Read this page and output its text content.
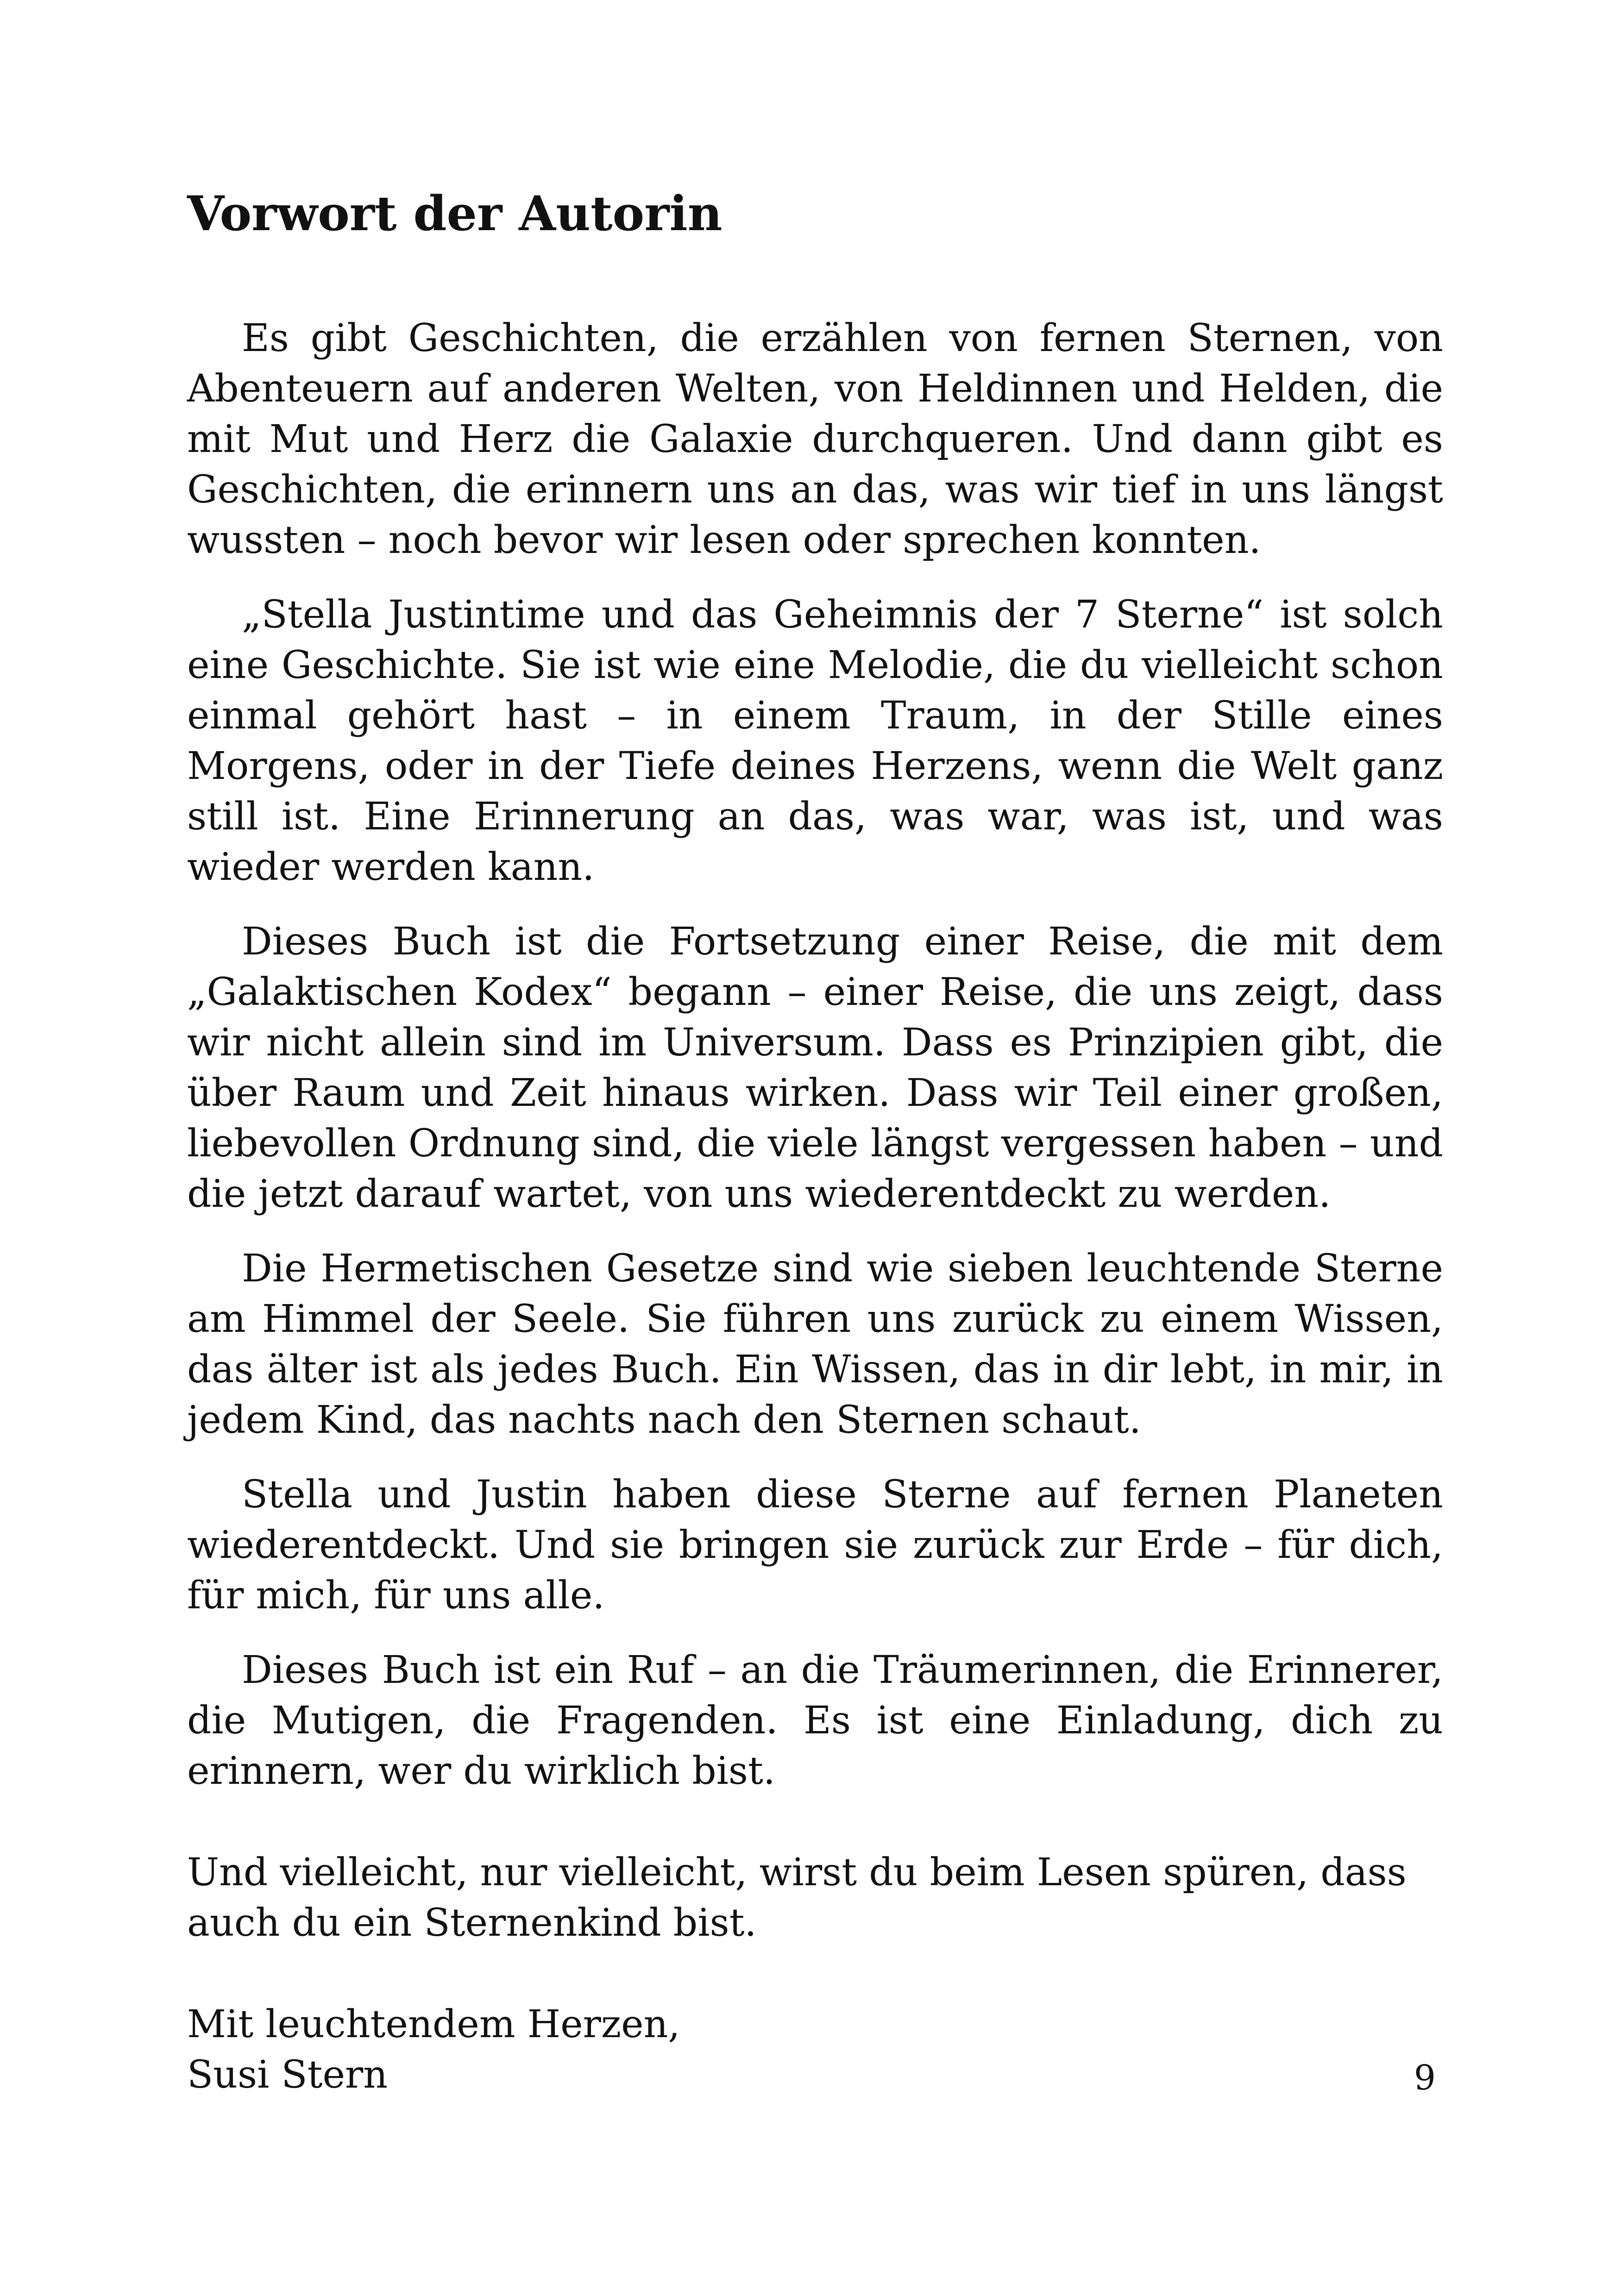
Vorwort der Autorin

Es gibt Geschichten, die erzählen von fernen Sternen, von Abenteuern auf anderen Welten, von Heldinnen und Helden, die mit Mut und Herz die Galaxie durchqueren. Und dann gibt es Geschichten, die erinnern uns an das, was wir tief in uns längst wussten – noch bevor wir lesen oder sprechen konnten.

„Stella Justintime und das Geheimnis der 7 Sterne“ ist solch eine Geschichte. Sie ist wie eine Melodie, die du vielleicht schon einmal gehört hast – in einem Traum, in der Stille eines Morgens, oder in der Tiefe deines Herzens, wenn die Welt ganz still ist. Eine Erinnerung an das, was war, was ist, und was wieder werden kann.

Dieses Buch ist die Fortsetzung einer Reise, die mit dem „Galaktischen Kodex“ begann – einer Reise, die uns zeigt, dass wir nicht allein sind im Universum. Dass es Prinzipien gibt, die über Raum und Zeit hinaus wirken. Dass wir Teil einer großen, liebevollen Ordnung sind, die viele längst vergessen haben – und die jetzt darauf wartet, von uns wiederentdeckt zu werden.

Die Hermetischen Gesetze sind wie sieben leuchtende Sterne am Himmel der Seele. Sie führen uns zurück zu einem Wissen, das älter ist als jedes Buch. Ein Wissen, das in dir lebt, in mir, in jedem Kind, das nachts nach den Sternen schaut.

Stella und Justin haben diese Sterne auf fernen Planeten wiederentdeckt. Und sie bringen sie zurück zur Erde – für dich, für mich, für uns alle.

Dieses Buch ist ein Ruf – an die Träumerinnen, die Erinnerer, die Mutigen, die Fragenden. Es ist eine Einladung, dich zu erinnern, wer du wirklich bist.

Und vielleicht, nur vielleicht, wirst du beim Lesen spüren, dass auch du ein Sternenkind bist.

Mit leuchtendem Herzen,
Susi Stern	9
